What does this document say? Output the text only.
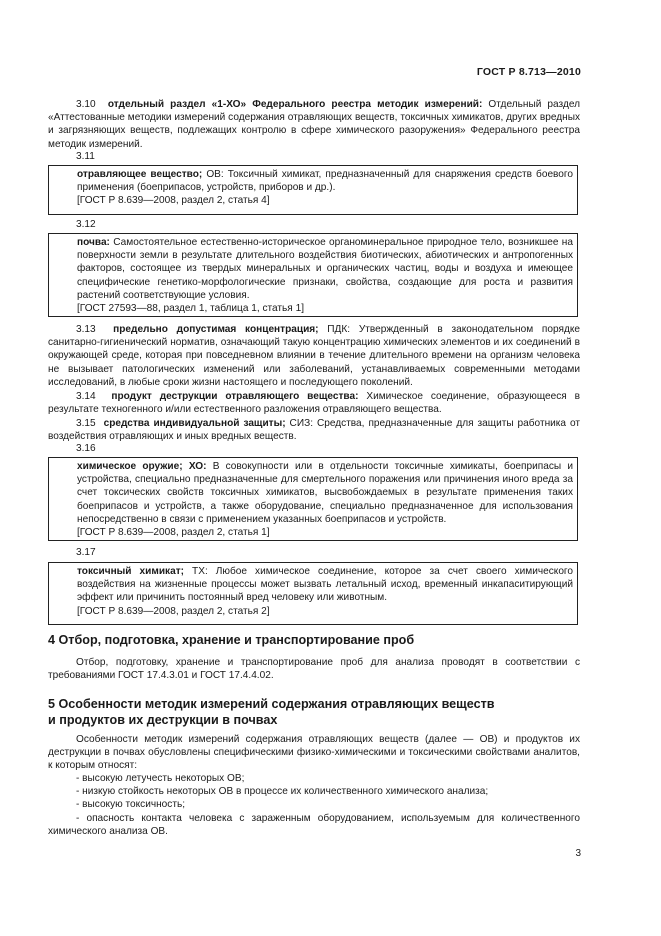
ГОСТ Р 8.713—2010
3.10 отдельный раздел «1-ХО» Федерального реестра методик измерений: Отдельный раздел «Аттестованные методики измерений содержания отравляющих веществ, токсичных химикатов, других вредных и загрязняющих веществ, подлежащих контролю в сфере химического разоружения» Федерального реестра методик измерений.
3.11
отравляющее вещество; ОВ: Токсичный химикат, предназначенный для снаряжения средств боевого применения (боеприпасов, устройств, приборов и др.).
[ГОСТ Р 8.639—2008, раздел 2, статья 4]
3.12
почва: Самостоятельное естественно-историческое органоминеральное природное тело, возникшее на поверхности земли в результате длительного воздействия биотических, абиотических и антропогенных факторов, состоящее из твердых минеральных и органических частиц, воды и воздуха и имеющее специфические генетико-морфологические признаки, свойства, создающие для роста и развития растений соответствующие условия.
[ГОСТ 27593—88, раздел 1, таблица 1, статья 1]
3.13 предельно допустимая концентрация; ПДК: Утвержденный в законодательном порядке санитарно-гигиенический норматив, означающий такую концентрацию химических элементов и их соединений в окружающей среде, которая при повседневном влиянии в течение длительного времени на организм человека не вызывает патологических изменений или заболеваний, устанавливаемых современными методами исследований, в любые сроки жизни настоящего и последующего поколений.
3.14 продукт деструкции отравляющего вещества: Химическое соединение, образующееся в результате техногенного и/или естественного разложения отравляющего вещества.
3.15 средства индивидуальной защиты; СИЗ: Средства, предназначенные для защиты работника от воздействия отравляющих и иных вредных веществ.
3.16
химическое оружие; ХО: В совокупности или в отдельности токсичные химикаты, боеприпасы и устройства, специально предназначенные для смертельного поражения или причинения иного вреда за счет токсических свойств токсичных химикатов, высвобождаемых в результате применения таких боеприпасов и устройств, а также оборудование, специально предназначенное для использования непосредственно в связи с применением указанных боеприпасов и устройств.
[ГОСТ Р 8.639—2008, раздел 2, статья 1]
3.17
токсичный химикат; ТХ: Любое химическое соединение, которое за счет своего химического воздействия на жизненные процессы может вызвать летальный исход, временный инкапаситирующий эффект или причинить постоянный вред человеку или животным.
[ГОСТ Р 8.639—2008, раздел 2, статья 2]
4 Отбор, подготовка, хранение и транспортирование проб
Отбор, подготовку, хранение и транспортирование проб для анализа проводят в соответствии с требованиями ГОСТ 17.4.3.01 и ГОСТ 17.4.4.02.
5 Особенности методик измерений содержания отравляющих веществ
и продуктов их деструкции в почвах
Особенности методик измерений содержания отравляющих веществ (далее — ОВ) и продуктов их деструкции в почвах обусловлены специфическими физико-химическими и токсическими свойствами аналитов, к которым относят:
- высокую летучесть некоторых ОВ;
- низкую стойкость некоторых ОВ в процессе их количественного химического анализа;
- высокую токсичность;
- опасность контакта человека с зараженным оборудованием, используемым для количественного химического анализа ОВ.
3
